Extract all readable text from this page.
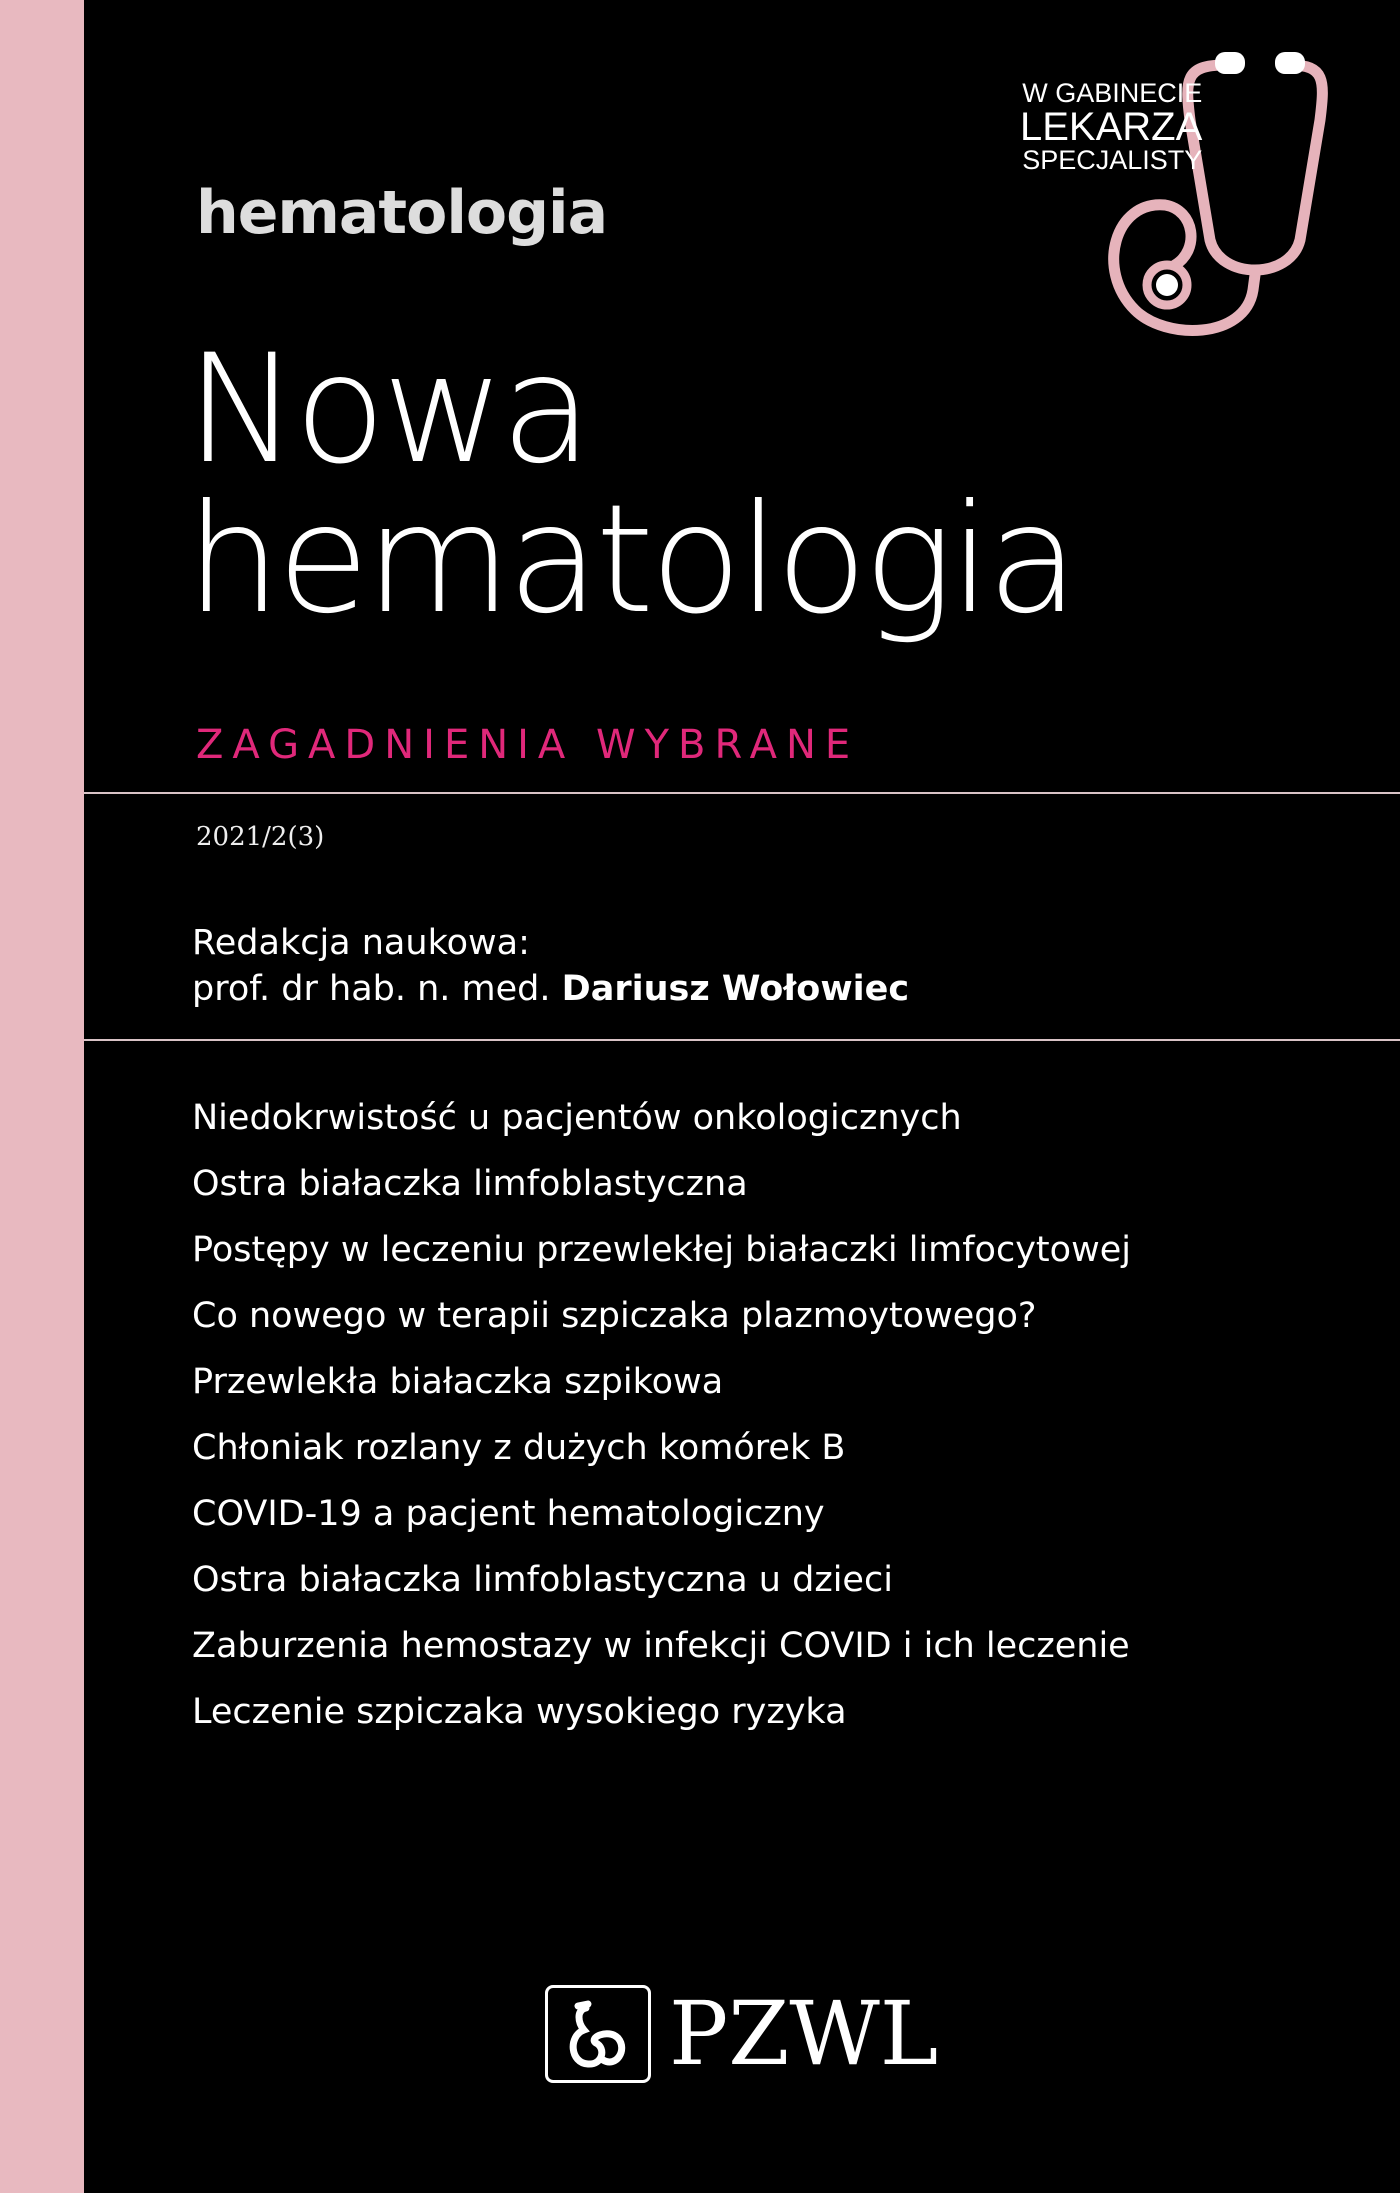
hematologia
W GABINECIE
LEKARZA
SPECJALISTY
Nowa
hematologia
ZAGADNIENIA WYBRANE
2021/2(3)
Redakcja naukowa:
prof. dr hab. n. med. Dariusz Wołowiec
Niedokrwistość u pacjentów onkologicznych
Ostra białaczka limfoblastyczna
Postępy w leczeniu przewlekłej białaczki limfocytowej
Co nowego w terapii szpiczaka plazmoytowego?
Przewlekła białaczka szpikowa
Chłoniak rozlany z dużych komórek B
COVID-19 a pacjent hematologiczny
Ostra białaczka limfoblastyczna u dzieci
Zaburzenia hemostazy w infekcji COVID i ich leczenie
Leczenie szpiczaka wysokiego ryzyka
PZWL
